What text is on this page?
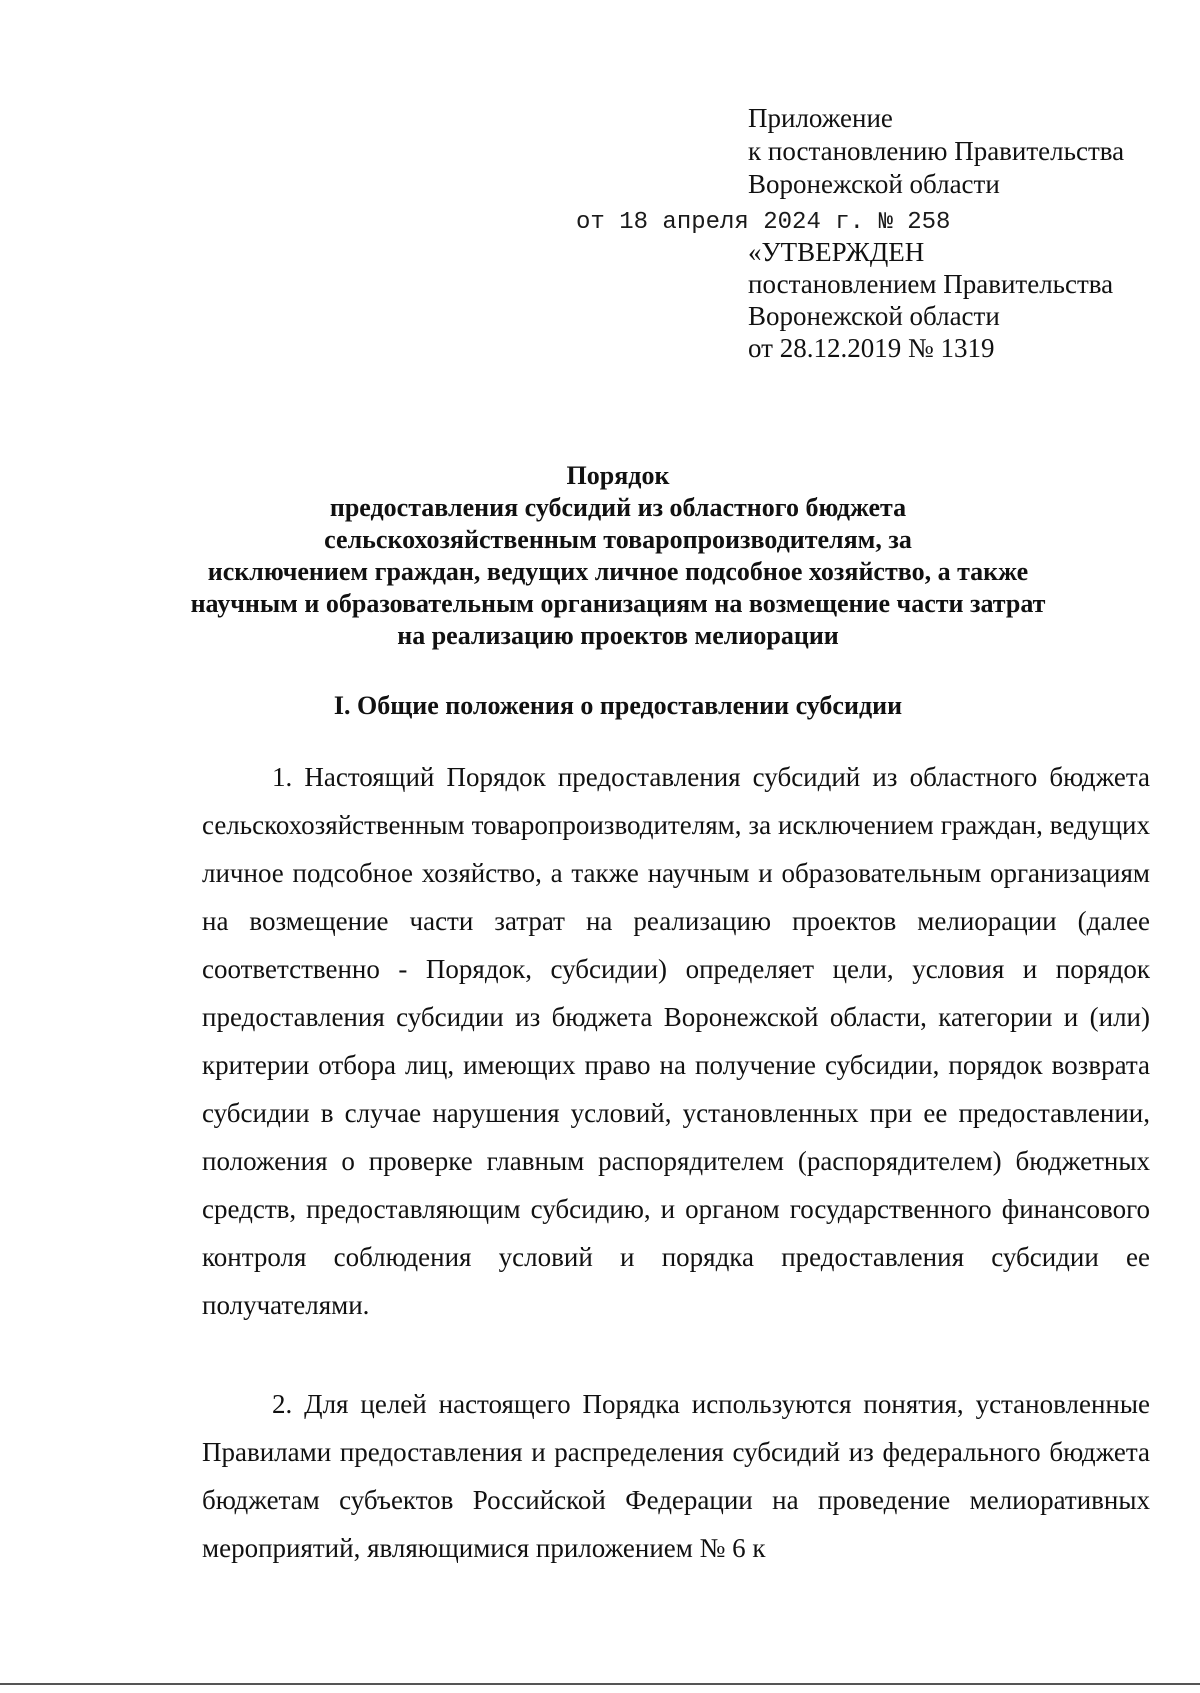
Приложение
к постановлению Правительства
Воронежской области
от 18 апреля 2024 г. № 258
«УТВЕРЖДЕН
постановлением Правительства
Воронежской области
от 28.12.2019 № 1319
Порядок
предоставления субсидий из областного бюджета
сельскохозяйственным товаропроизводителям, за
исключением граждан, ведущих личное подсобное хозяйство, а также
научным и образовательным организациям на возмещение части затрат
на реализацию проектов мелиорации
I. Общие положения о предоставлении субсидии

1. Настоящий Порядок предоставления субсидий из областного бюджета сельскохозяйственным товаропроизводителям, за исключением граждан, ведущих личное подсобное хозяйство, а также научным и образовательным организациям на возмещение части затрат на реализацию проектов мелиорации (далее соответственно - Порядок, субсидии) определяет цели, условия и порядок предоставления субсидии из бюджета Воронежской области, категории и (или) критерии отбора лиц, имеющих право на получение субсидии, порядок возврата субсидии в случае нарушения условий, установленных при ее предоставлении, положения о проверке главным распорядителем (распорядителем) бюджетных средств, предоставляющим субсидию, и органом государственного финансового контроля соблюдения условий и порядка предоставления субсидии ее получателями.

2. Для целей настоящего Порядка используются понятия, установленные Правилами предоставления и распределения субсидий из федерального бюджета бюджетам субъектов Российской Федерации на проведение мелиоративных мероприятий, являющимися приложением № 6 к
